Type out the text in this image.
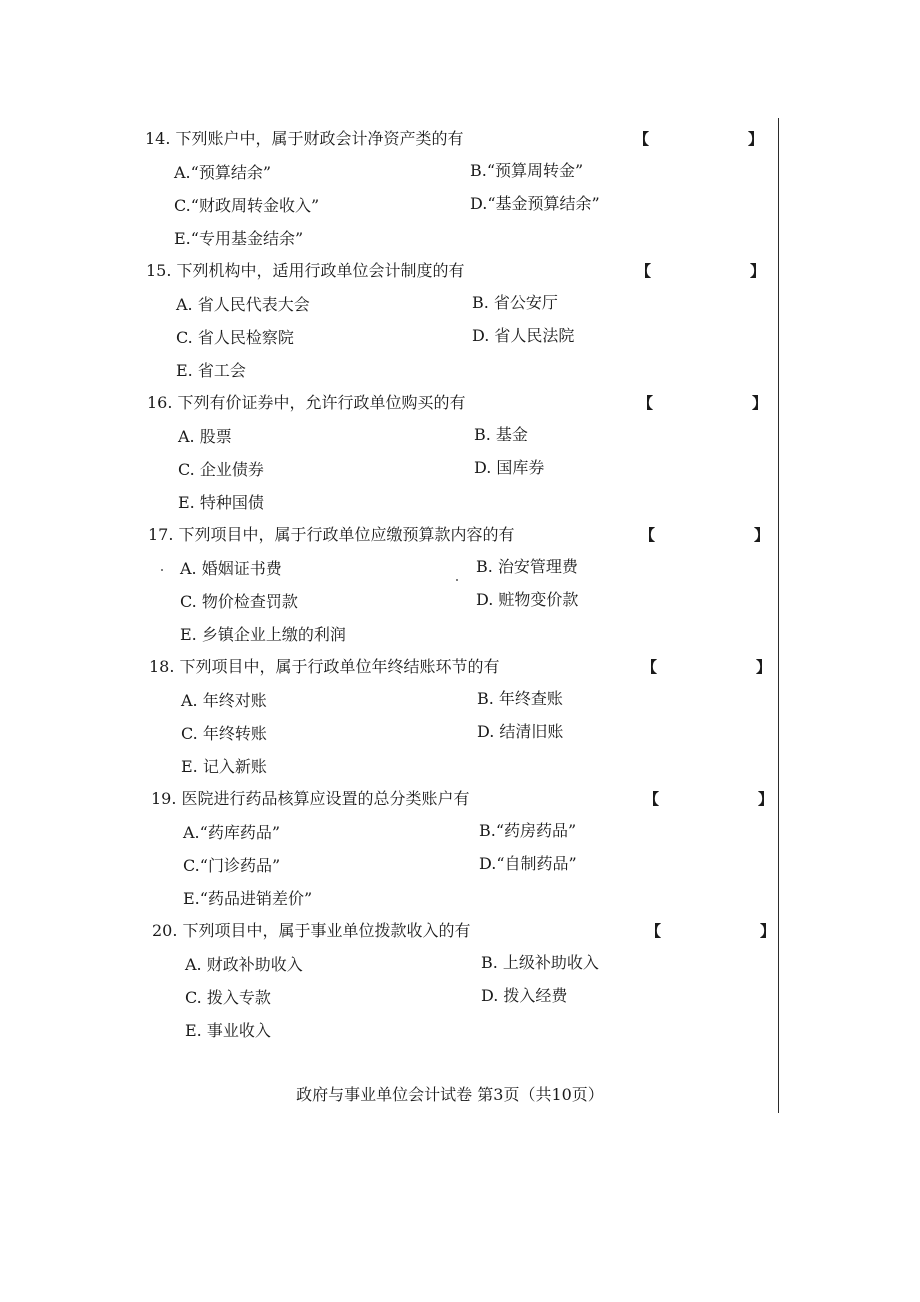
14. 下列账户中，属于财政会计净资产类的有	【	】
A.“预算结余”	B.“预算周转金”
C.“财政周转金收入”	D.“基金预算结余”
E.“专用基金结余”
15. 下列机构中，适用行政单位会计制度的有	【	】
A. 省人民代表大会	B. 省公安厅
C. 省人民检察院	D. 省人民法院
E. 省工会
16. 下列有价证券中，允许行政单位购买的有	【	】
A. 股票	B. 基金
C. 企业债券	D. 国库券
E. 特种国债
17. 下列项目中，属于行政单位应缴预算款内容的有	【	】
A. 婚姻证书费	B. 治安管理费
C. 物价检查罚款	D. 赃物变价款
E. 乡镇企业上缴的利润
18. 下列项目中，属于行政单位年终结账环节的有	【	】
A. 年终对账	B. 年终查账
C. 年终转账	D. 结清旧账
E. 记入新账
19. 医院进行药品核算应设置的总分类账户有	【	】
A.“药库药品”	B.“药房药品”
C.“门诊药品”	D.“自制药品”
E.“药品进销差价”
20. 下列项目中，属于事业单位拨款收入的有	【	】
A. 财政补助收入	B. 上级补助收入
C. 拨入专款	D. 拨入经费
E. 事业收入
政府与事业单位会计试卷 第3页（共10页）
